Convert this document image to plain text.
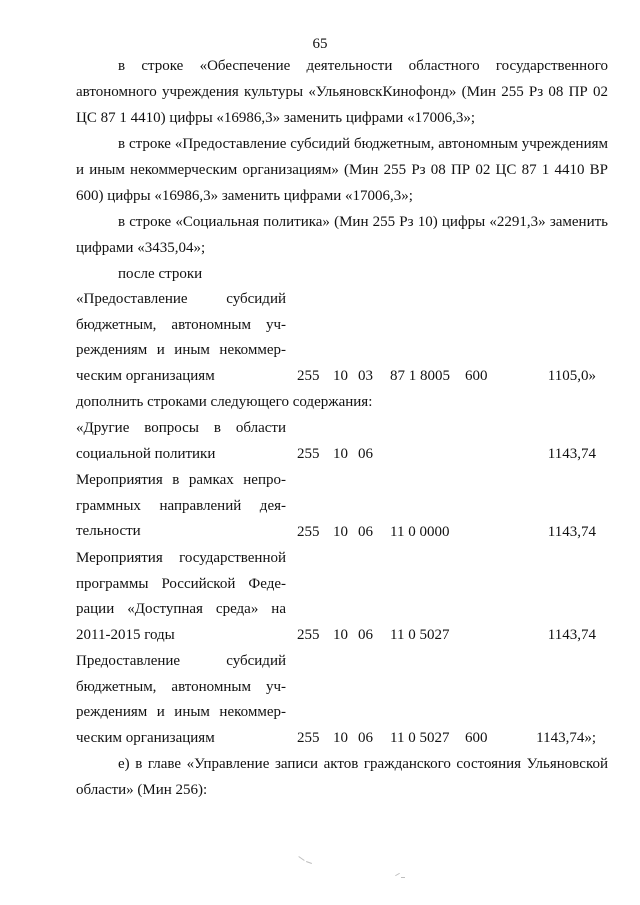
65
в строке «Обеспечение деятельности областного государственного автономного учреждения культуры «УльяновскКинофонд» (Мин 255 Рз 08 ПР 02 ЦС 87 1 4410) цифры «16986,3» заменить цифрами «17006,3»;
в строке «Предоставление субсидий бюджетным, автономным учреждениям и иным некоммерческим организациям» (Мин 255 Рз 08 ПР 02 ЦС 87 1 4410 ВР 600) цифры «16986,3» заменить цифрами «17006,3»;
в строке «Социальная политика» (Мин 255 Рз 10) цифры «2291,3» заменить цифрами «3435,04»;
после строки
«Предоставление субсидий
бюджетным, автономным уч-
реждениям и иным некоммер-
ческим организациям	255 10 03 87 1 8005 600	1105,0»
дополнить строками следующего содержания:
«Другие вопросы в области
социальной политики	255 10 06	1143,74
Мероприятия в рамках непро-
граммных направлений дея-
тельности	255 10 06 11 0 0000	1143,74
Мероприятия государственной
программы Российской Феде-
рации «Доступная среда» на
2011-2015 годы	255 10 06 11 0 5027	1143,74
Предоставление субсидий
бюджетным, автономным уч-
реждениям и иным некоммер-
ческим организациям	255 10 06 11 0 5027 600	1143,74»;
е) в главе «Управление записи актов гражданского состояния Ульяновской области» (Мин 256):
